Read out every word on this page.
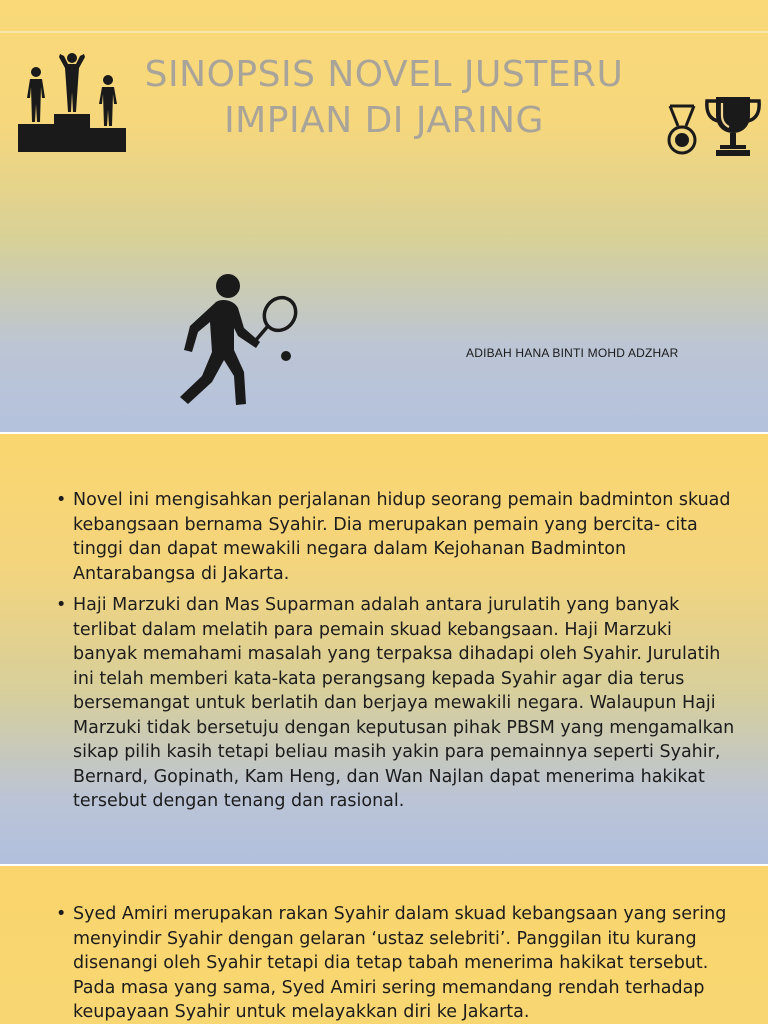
SINOPSIS NOVEL JUSTERU
IMPIAN DI JARING
ADIBAH HANA BINTI MOHD ADZHAR
• Novel ini mengisahkan perjalanan hidup seorang pemain badminton skuad kebangsaan bernama Syahir. Dia merupakan pemain yang bercita- cita tinggi dan dapat mewakili negara dalam Kejohanan Badminton Antarabangsa di Jakarta.
• Haji Marzuki dan Mas Suparman adalah antara jurulatih yang banyak terlibat dalam melatih para pemain skuad kebangsaan. Haji Marzuki banyak memahami masalah yang terpaksa dihadapi oleh Syahir. Jurulatih ini telah memberi kata-kata perangsang kepada Syahir agar dia terus bersemangat untuk berlatih dan berjaya mewakili negara. Walaupun Haji Marzuki tidak bersetuju dengan keputusan pihak PBSM yang mengamalkan sikap pilih kasih tetapi beliau masih yakin para pemainnya seperti Syahir, Bernard, Gopinath, Kam Heng, dan Wan Najlan dapat menerima hakikat tersebut dengan tenang dan rasional.
• Syed Amiri merupakan rakan Syahir dalam skuad kebangsaan yang sering menyindir Syahir dengan gelaran ‘ustaz selebriti’. Panggilan itu kurang disenangi oleh Syahir tetapi dia tetap tabah menerima hakikat tersebut. Pada masa yang sama, Syed Amiri sering memandang rendah terhadap keupayaan Syahir untuk melayakkan diri ke Jakarta.
